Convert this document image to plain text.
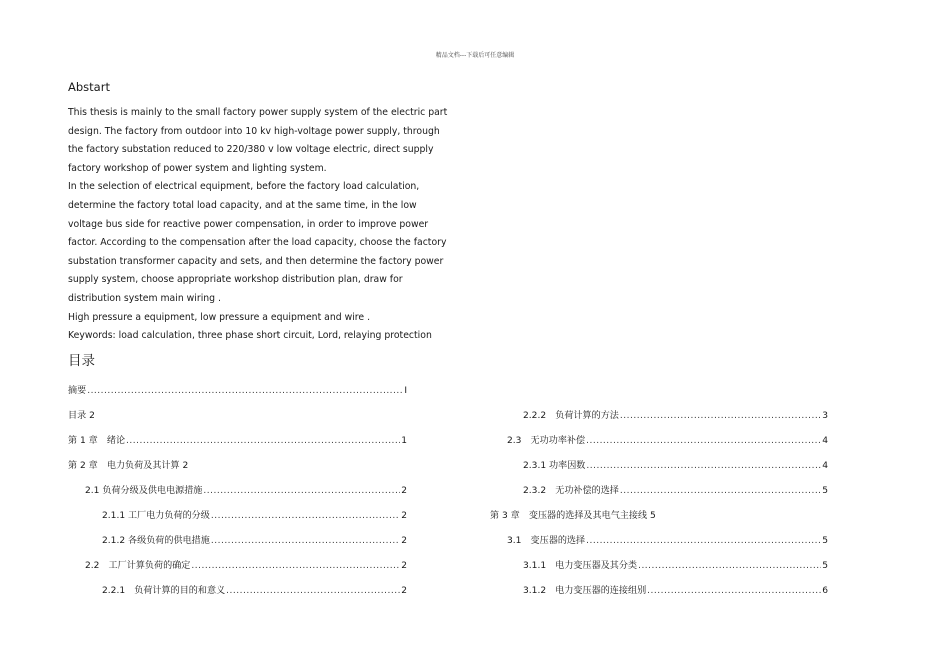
精品文档---下载后可任意编辑
Abstart
This thesis is mainly to the small factory power supply system of the electric part
design. The factory from outdoor into 10 kv high-voltage power supply, through
the factory substation reduced to 220/380 v low voltage electric, direct supply
factory workshop of power system and lighting system.
In the selection of electrical equipment, before the factory load calculation,
determine the factory total load capacity, and at the same time, in the low
voltage bus side for reactive power compensation, in order to improve power
factor. According to the compensation after the load capacity, choose the factory
substation transformer capacity and sets, and then determine the factory power
supply system, choose appropriate workshop distribution plan, draw for
distribution system main wiring .
High pressure a equipment, low pressure a equipment and wire .
Keywords: load calculation, three phase short circuit, Lord, relaying protection
目录
摘要 .....	I
目录 2
第 1 章　绪论 .....	1
第 2 章　电力负荷及其计算 2
2.1 负荷分级及供电电源措施 .....	2
2.1.1 工厂电力负荷的分级 .....	2
2.1.2 各级负荷的供电措施 .....	2
2.2　工厂计算负荷的确定 .....	2
2.2.1　负荷计算的目的和意义 .....	2
2.2.2　负荷计算的方法 .....	3
2.3　无功功率补偿 .....	4
2.3.1 功率因数 .....	4
2.3.2　无功补偿的选择 .....	5
第 3 章　变压器的选择及其电气主接线 5
3.1　变压器的选择 .....	5
3.1.1　电力变压器及其分类 .....	5
3.1.2　电力变压器的连接组别 .....	6
